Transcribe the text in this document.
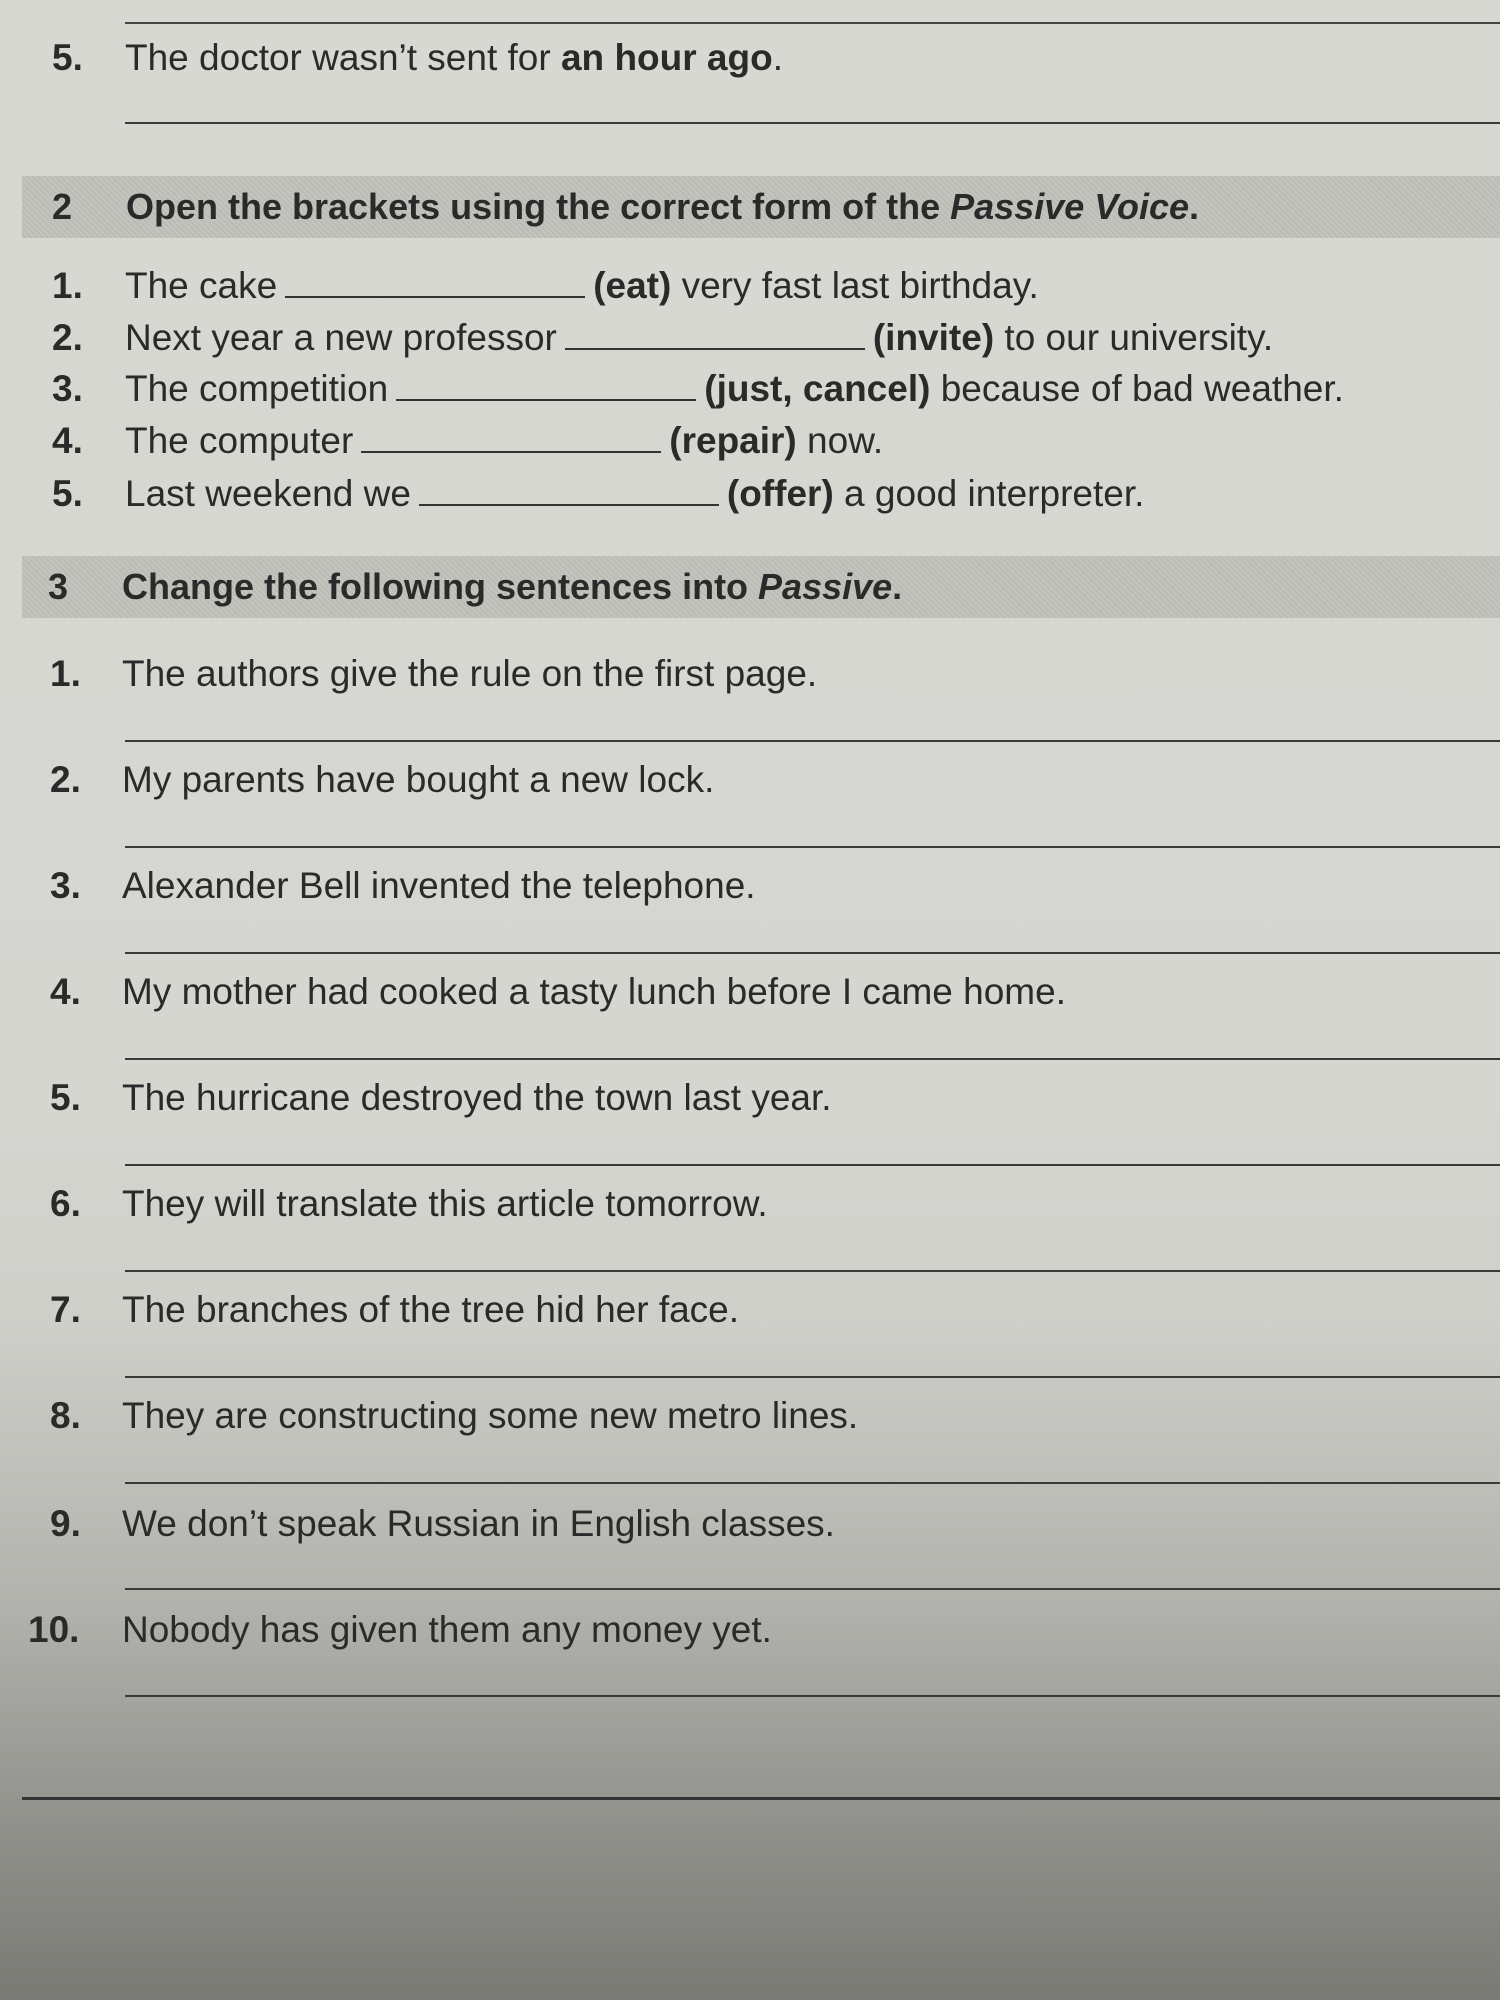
5. The doctor wasn’t sent for an hour ago.
2 Open the brackets using the correct form of the Passive Voice.
1. The cake	(eat) very fast last birthday.
2. Next year a new professor	(invite) to our university.
3. The competition	(just, cancel) because of bad weather.
4. The computer	(repair) now.
5. Last weekend we	(offer) a good interpreter.
3 Change the following sentences into Passive.
1. The authors give the rule on the first page.
2. My parents have bought a new lock.
3. Alexander Bell invented the telephone.
4. My mother had cooked a tasty lunch before I came home.
5. The hurricane destroyed the town last year.
6. They will translate this article tomorrow.
7. The branches of the tree hid her face.
8. They are constructing some new metro lines.
9. We don’t speak Russian in English classes.
10. Nobody has given them any money yet.
